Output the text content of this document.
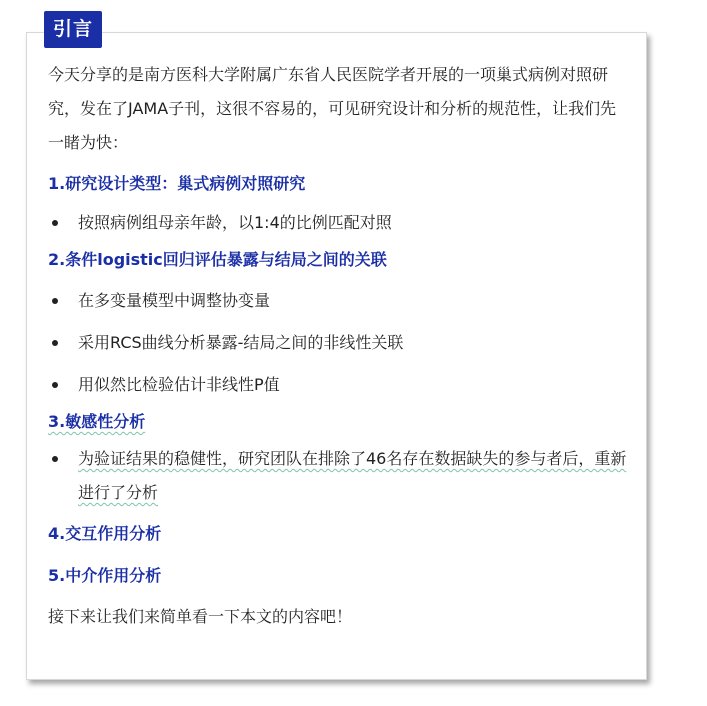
引言

今天分享的是南方医科大学附属广东省人民医院学者开展的一项巢式病例对照研究，发在了JAMA子刊，这很不容易的，可见研究设计和分析的规范性，让我们先一睹为快：

1.研究设计类型：巢式病例对照研究

按照病例组母亲年龄，以1:4的比例匹配对照

2.条件logistic回归评估暴露与结局之间的关联

在多变量模型中调整协变量

采用RCS曲线分析暴露-结局之间的非线性关联

用似然比检验估计非线性P值

3.敏感性分析

为验证结果的稳健性，研究团队在排除了46名存在数据缺失的参与者后，重新进行了分析

4.交互作用分析

5.中介作用分析

接下来让我们来简单看一下本文的内容吧！
